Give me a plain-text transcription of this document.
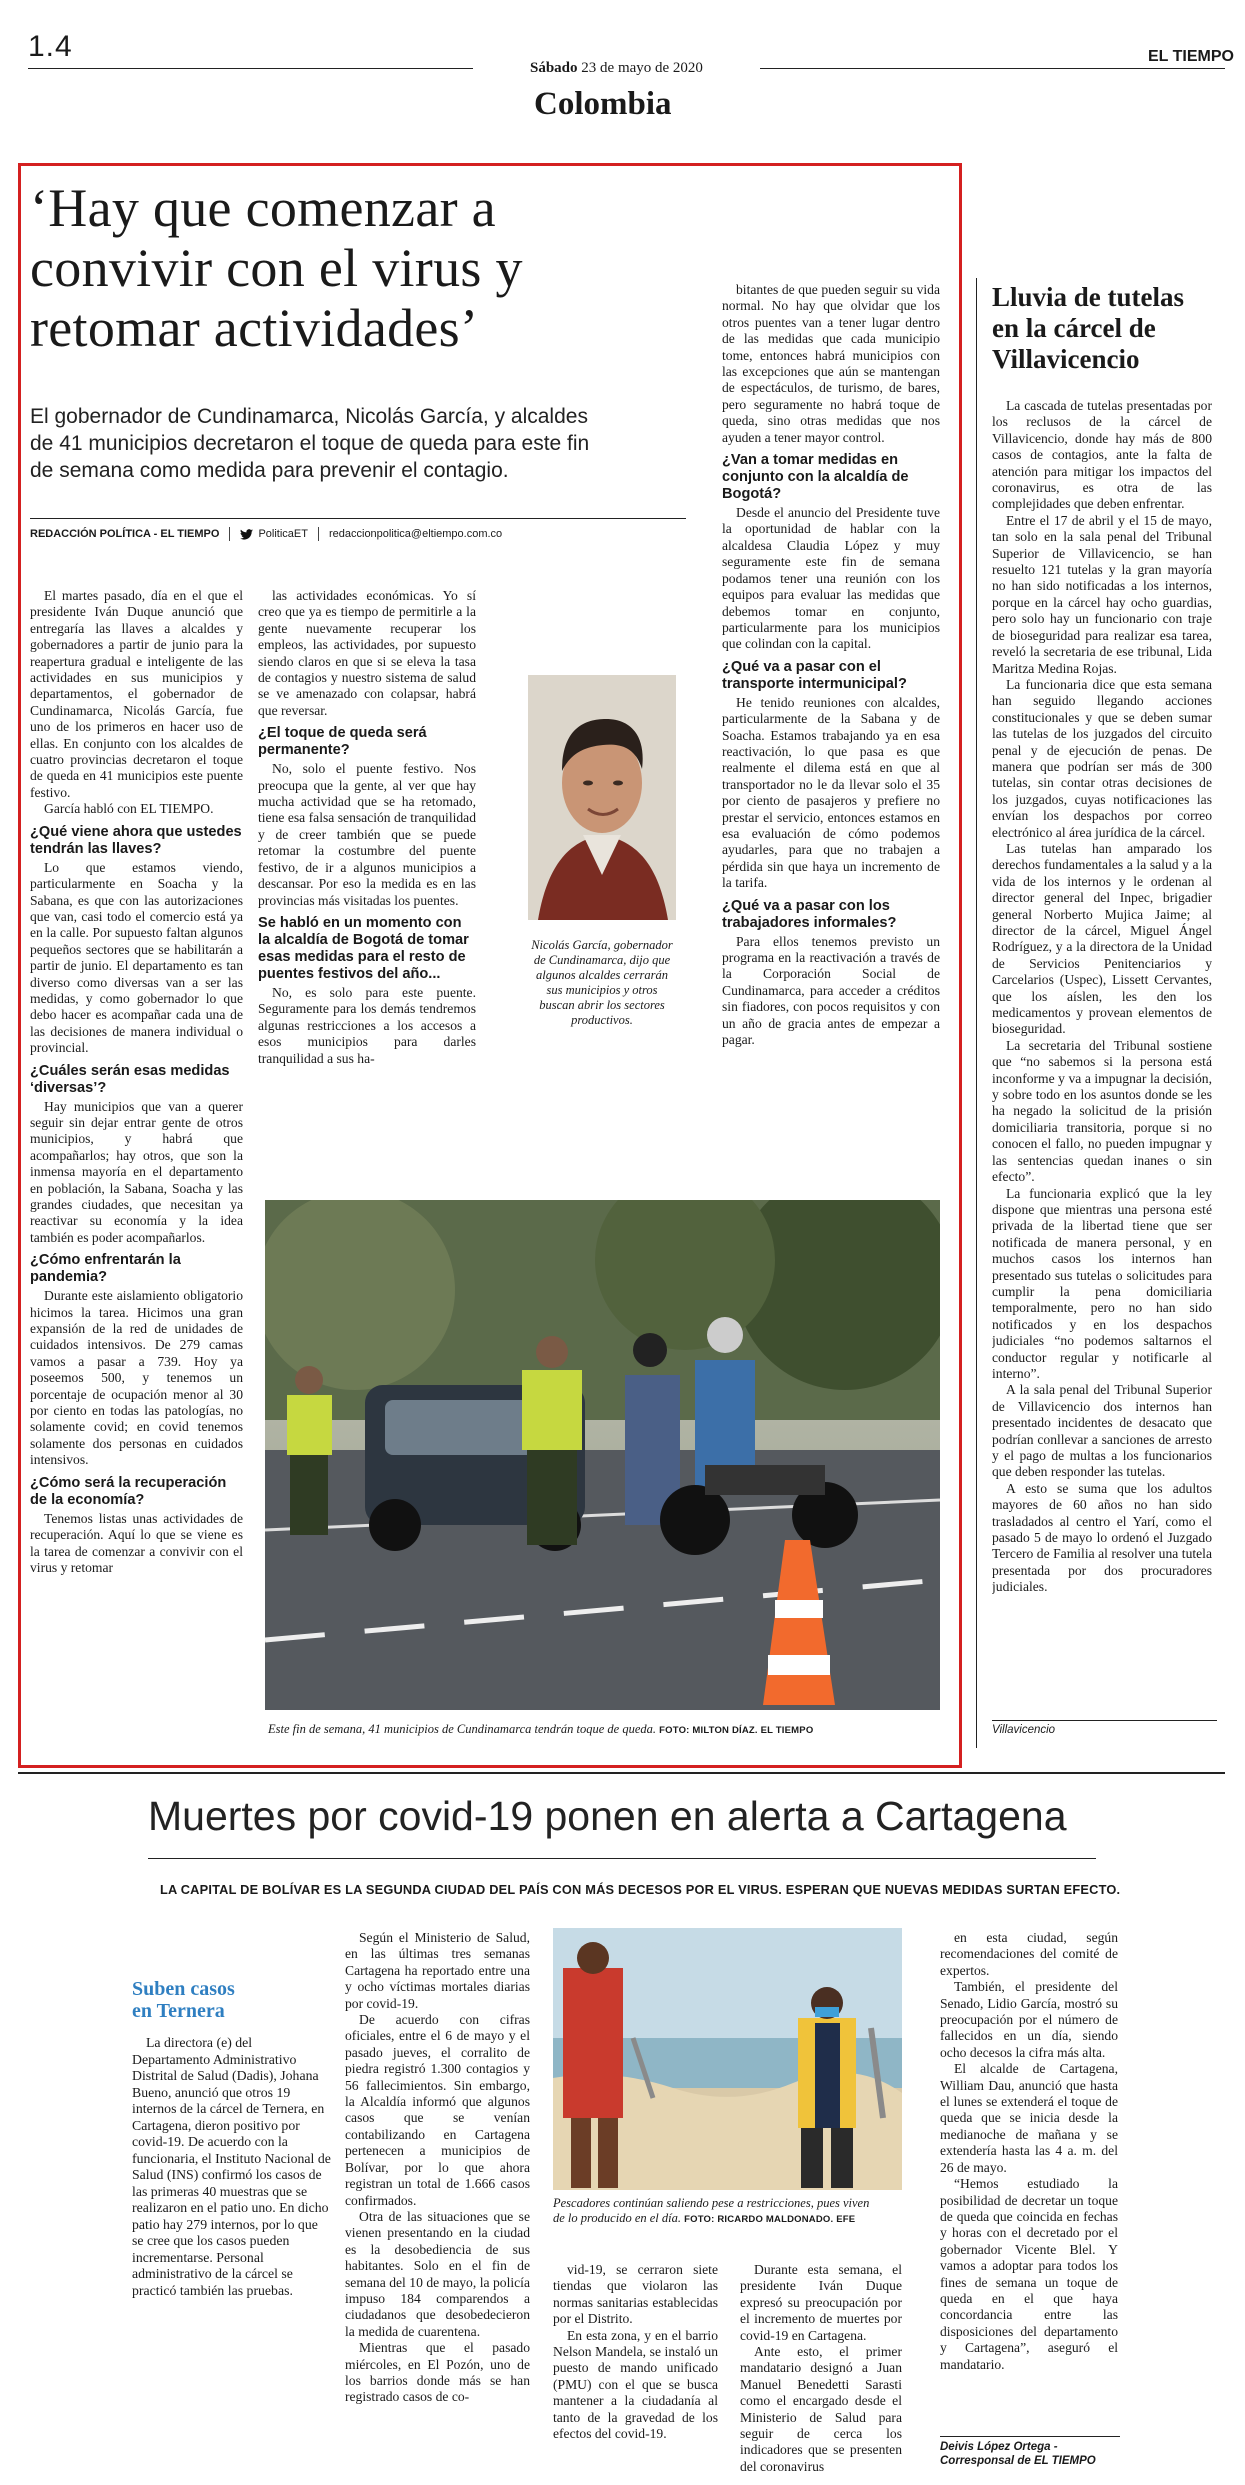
1.4
Sábado 23 de mayo de 2020
EL TIEMPO
Colombia
‘Hay que comenzar a
convivir con el virus y
retomar actividades’
El gobernador de Cundinamarca, Nicolás García, y alcaldes
de 41 municipios decretaron el toque de queda para este fin
de semana como medida para prevenir el contagio.
REDACCIÓN POLÍTICA - EL TIEMPO	PoliticaET redaccionpolitica@eltiempo.com.co

El martes pasado, día en el que el presidente Iván Duque anunció que entregaría las llaves a alcaldes y gobernadores a partir de junio para la reapertura gradual e inteligente de las actividades en sus municipios y departamentos, el gobernador de Cundinamarca, Nicolás García, fue uno de los primeros en hacer uso de ellas. En conjunto con los alcaldes de cuatro provincias decretaron el toque de queda en 41 municipios este puente festivo.

García habló con EL TIEMPO.

¿Qué viene ahora que ustedes tendrán las llaves?

Lo que estamos viendo, particularmente en Soacha y la Sabana, es que con las autorizaciones que van, casi todo el comercio está ya en la calle. Por supuesto faltan algunos pequeños sectores que se habilitarán a partir de junio. El departamento es tan diverso como diversas van a ser las medidas, y como gobernador lo que debo hacer es acompañar cada una de las decisiones de manera individual o provincial.

¿Cuáles serán esas medidas ‘diversas’?

Hay municipios que van a querer seguir sin dejar entrar gente de otros municipios, y habrá que acompañarlos; hay otros, que son la inmensa mayoría en el departamento en población, la Sabana, Soacha y las grandes ciudades, que necesitan ya reactivar su economía y la idea también es poder acompañarlos.

¿Cómo enfrentarán la pandemia?

Durante este aislamiento obligatorio hicimos la tarea. Hicimos una gran expansión de la red de unidades de cuidados intensivos. De 279 camas vamos a pasar a 739. Hoy ya poseemos 500, y tenemos un porcentaje de ocupación menor al 30 por ciento en todas las patologías, no solamente covid; en covid tenemos solamente dos personas en cuidados intensivos.

¿Cómo será la recuperación de la economía?

Tenemos listas unas actividades de recuperación. Aquí lo que se viene es la tarea de comenzar a convivir con el virus y retomar

las actividades económicas. Yo sí creo que ya es tiempo de permitirle a la gente nuevamente recuperar los empleos, las actividades, por supuesto siendo claros en que si se eleva la tasa de contagios y nuestro sistema de salud se ve amenazado con colapsar, habrá que reversar.

¿El toque de queda será permanente?

No, solo el puente festivo. Nos preocupa que la gente, al ver que hay mucha actividad que se ha retomado, tiene esa falsa sensación de tranquilidad y de creer también que se puede retomar la costumbre del puente festivo, de ir a algunos municipios a descansar. Por eso la medida es en las provincias más visitadas los puentes.

Se habló en un momento con la alcaldía de Bogotá de tomar esas medidas para el resto de puentes festivos del año...

No, es solo para este puente. Seguramente para los demás tendremos algunas restricciones a los accesos a esos municipios para darles tranquilidad a sus ha-

bitantes de que pueden seguir su vida normal. No hay que olvidar que los otros puentes van a tener lugar dentro de las medidas que cada municipio tome, entonces habrá municipios con las excepciones que aún se mantengan de espectáculos, de turismo, de bares, pero seguramente no habrá toque de queda, sino otras medidas que nos ayuden a tener mayor control.

¿Van a tomar medidas en conjunto con la alcaldía de Bogotá?

Desde el anuncio del Presidente tuve la oportunidad de hablar con la alcaldesa Claudia López y muy seguramente este fin de semana podamos tener una reunión con los equipos para evaluar las medidas que debemos tomar en conjunto, particularmente para los municipios que colindan con la capital.

¿Qué va a pasar con el transporte intermunicipal?

He tenido reuniones con alcaldes, particularmente de la Sabana y de Soacha. Estamos trabajando ya en esa reactivación, lo que pasa es que realmente el dilema está en que al transportador no le da llevar solo el 35 por ciento de pasajeros y prefiere no prestar el servicio, entonces estamos en esa evaluación de cómo podemos ayudarles, para que no trabajen a pérdida sin que haya un incremento de la tarifa.

¿Qué va a pasar con los trabajadores informales?

Para ellos tenemos previsto un programa en la reactivación a través de la Corporación Social de Cundinamarca, para acceder a créditos sin fiadores, con pocos requisitos y con un año de gracia antes de empezar a pagar.

Nicolás García, gobernador de Cundinamarca, dijo que algunos alcaldes cerrarán sus municipios y otros buscan abrir los sectores productivos.
Este fin de semana, 41 municipios de Cundinamarca tendrán toque de queda. FOTO: MILTON DÍAZ. EL TIEMPO
Lluvia de tutelas
en la cárcel de
Villavicencio

La cascada de tutelas presentadas por los reclusos de la cárcel de Villavicencio, donde hay más de 800 casos de contagios, ante la falta de atención para mitigar los impactos del coronavirus, es otra de las complejidades que deben enfrentar.

Entre el 17 de abril y el 15 de mayo, tan solo en la sala penal del Tribunal Superior de Villavicencio, se han resuelto 121 tutelas y la gran mayoría no han sido notificadas a los internos, porque en la cárcel hay ocho guardias, pero solo hay un funcionario con traje de bioseguridad para realizar esa tarea, reveló la secretaria de ese tribunal, Lida Maritza Medina Rojas.

La funcionaria dice que esta semana han seguido llegando acciones constitucionales y que se deben sumar las tutelas de los juzgados del circuito penal y de ejecución de penas. De manera que podrían ser más de 300 tutelas, sin contar otras decisiones de los juzgados, cuyas notificaciones las envían los despachos por correo electrónico al área jurídica de la cárcel.

Las tutelas han amparado los derechos fundamentales a la salud y a la vida de los internos y le ordenan al director general del Inpec, brigadier general Norberto Mujica Jaime; al director de la cárcel, Miguel Ángel Rodríguez, y a la directora de la Unidad de Servicios Penitenciarios y Carcelarios (Uspec), Lissett Cervantes, que los aíslen, les den los medicamentos y provean elementos de bioseguridad.

La secretaria del Tribunal sostiene que “no sabemos si la persona está inconforme y va a impugnar la decisión, y sobre todo en los asuntos donde se les ha negado la solicitud de la prisión domiciliaria transitoria, porque si no conocen el fallo, no pueden impugnar y las sentencias quedan inanes o sin efecto”.

La funcionaria explicó que la ley dispone que mientras una persona esté privada de la libertad tiene que ser notificada de manera personal, y en muchos casos los internos han presentado sus tutelas o solicitudes para cumplir la pena domiciliaria temporalmente, pero no han sido notificados y en los despachos judiciales “no podemos saltarnos el conductor regular y notificarle al interno”.

A la sala penal del Tribunal Superior de Villavicencio dos internos han presentado incidentes de desacato que podrían conllevar a sanciones de arresto y el pago de multas a los funcionarios que deben responder las tutelas.

A esto se suma que los adultos mayores de 60 años no han sido trasladados al centro el Yarí, como el pasado 5 de mayo lo ordenó el Juzgado Tercero de Familia al resolver una tutela presentada por dos procuradores judiciales.

Villavicencio
Muertes por covid-19 ponen en alerta a Cartagena
LA CAPITAL DE BOLÍVAR ES LA SEGUNDA CIUDAD DEL PAÍS CON MÁS DECESOS POR EL VIRUS. ESPERAN QUE NUEVAS MEDIDAS SURTAN EFECTO.
Suben casos
en Ternera
La directora (e) del Departamento Administrativo Distrital de Salud (Dadis), Johana Bueno, anunció que otros 19 internos de la cárcel de Ternera, en Cartagena, dieron positivo por covid-19. De acuerdo con la funcionaria, el Instituto Nacional de Salud (INS) confirmó los casos de las primeras 40 muestras que se realizaron en el patio uno. En dicho patio hay 279 internos, por lo que se cree que los casos pueden incrementarse. Personal administrativo de la cárcel se practicó también las pruebas.

Según el Ministerio de Salud, en las últimas tres semanas Cartagena ha reportado entre una y ocho víctimas mortales diarias por covid-19.

De acuerdo con cifras oficiales, entre el 6 de mayo y el pasado jueves, el corralito de piedra registró 1.300 contagios y 56 fallecimientos. Sin embargo, la Alcaldía informó que algunos casos que se venían contabilizando en Cartagena pertenecen a municipios de Bolívar, por lo que ahora registran un total de 1.666 casos confirmados.

Otra de las situaciones que se vienen presentando en la ciudad es la desobediencia de sus habitantes. Solo en el fin de semana del 10 de mayo, la policía impuso 184 comparendos a ciudadanos que desobedecieron la medida de cuarentena.

Mientras que el pasado miércoles, en El Pozón, uno de los barrios donde más se han registrado casos de co-

Pescadores continúan saliendo pese a restricciones, pues viven de lo producido en el día. FOTO: RICARDO MALDONADO. EFE

vid-19, se cerraron siete tiendas que violaron las normas sanitarias establecidas por el Distrito.

En esta zona, y en el barrio Nelson Mandela, se instaló un puesto de mando unificado (PMU) con el que se busca mantener a la ciudadanía al tanto de la gravedad de los efectos del covid-19.

Durante esta semana, el presidente Iván Duque expresó su preocupación por el incremento de muertes por covid-19 en Cartagena.

Ante esto, el primer mandatario designó a Juan Manuel Benedetti Sarasti como el encargado desde el Ministerio de Salud para seguir de cerca los indicadores que se presenten del coronavirus

en esta ciudad, según recomendaciones del comité de expertos.

También, el presidente del Senado, Lidio García, mostró su preocupación por el número de fallecidos en un día, siendo ocho decesos la cifra más alta.

El alcalde de Cartagena, William Dau, anunció que hasta el lunes se extenderá el toque de queda que se inicia desde la medianoche de mañana y se extendería hasta las 4 a. m. del 26 de mayo.

“Hemos estudiado la posibilidad de decretar un toque de queda que coincida en fechas y horas con el decretado por el gobernador Vicente Blel. Y vamos a adoptar para todos los fines de semana un toque de queda en el que haya concordancia entre las disposiciones del departamento y Cartagena”, aseguró el mandatario.

Deivis López Ortega -
Corresponsal de EL TIEMPO
